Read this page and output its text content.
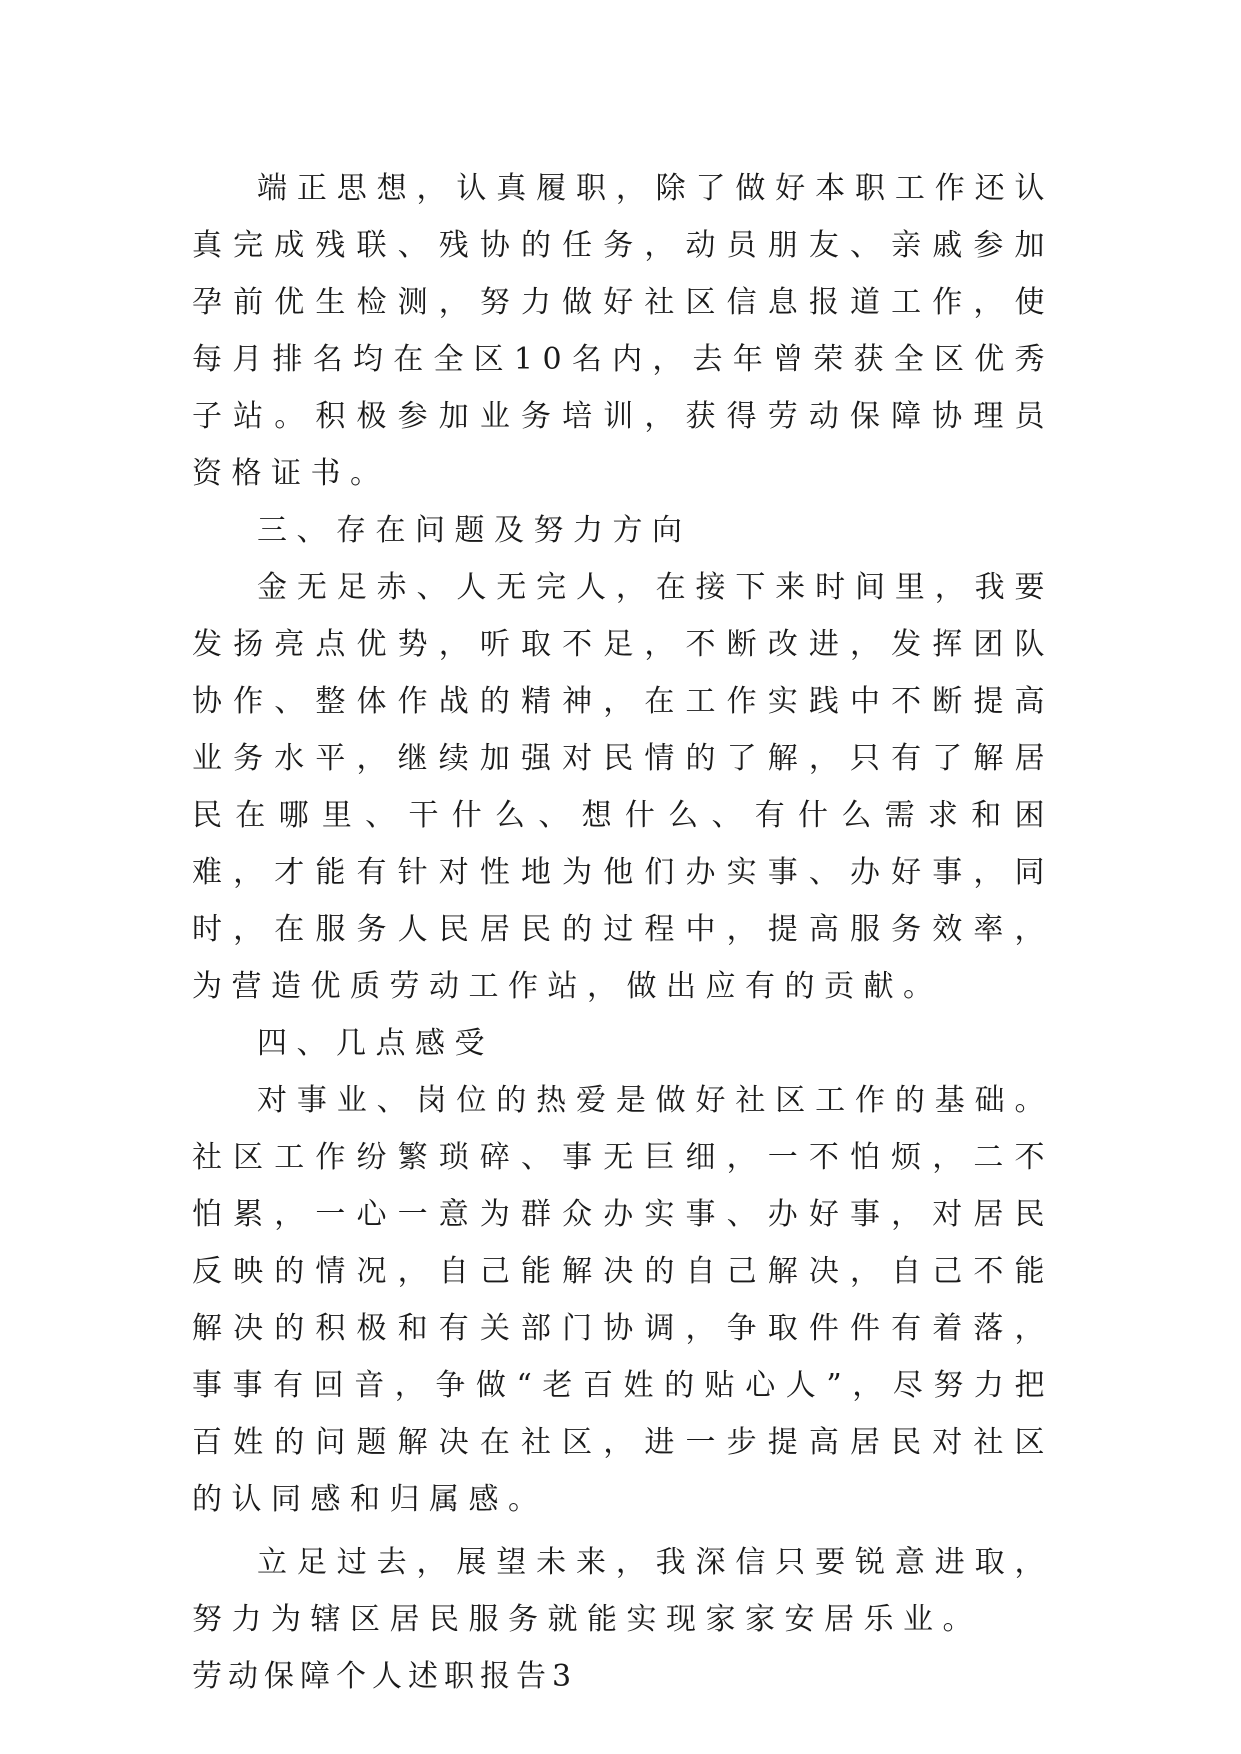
端正思想，认真履职，除了做好本职工作还认真完成残联、残协的任务，动员朋友、亲戚参加孕前优生检测，努力做好社区信息报道工作，使每月排名均在全区10名内，去年曾荣获全区优秀子站。积极参加业务培训，获得劳动保障协理员资格证书。

三、存在问题及努力方向

金无足赤、人无完人，在接下来时间里，我要发扬亮点优势，听取不足，不断改进，发挥团队协作、整体作战的精神，在工作实践中不断提高业务水平，继续加强对民情的了解，只有了解居民在哪里、干什么、想什么、有什么需求和困难，才能有针对性地为他们办实事、办好事，同时，在服务人民居民的过程中，提高服务效率，为营造优质劳动工作站，做出应有的贡献。

四、几点感受

对事业、岗位的热爱是做好社区工作的基础。社区工作纷繁琐碎、事无巨细，一不怕烦，二不怕累，一心一意为群众办实事、办好事，对居民反映的情况，自己能解决的自己解决，自己不能解决的积极和有关部门协调，争取件件有着落，事事有回音，争做“老百姓的贴心人”，尽努力把百姓的问题解决在社区，进一步提高居民对社区的认同感和归属感。

立足过去，展望未来，我深信只要锐意进取，努力为辖区居民服务就能实现家家安居乐业。

劳动保障个人述职报告3
